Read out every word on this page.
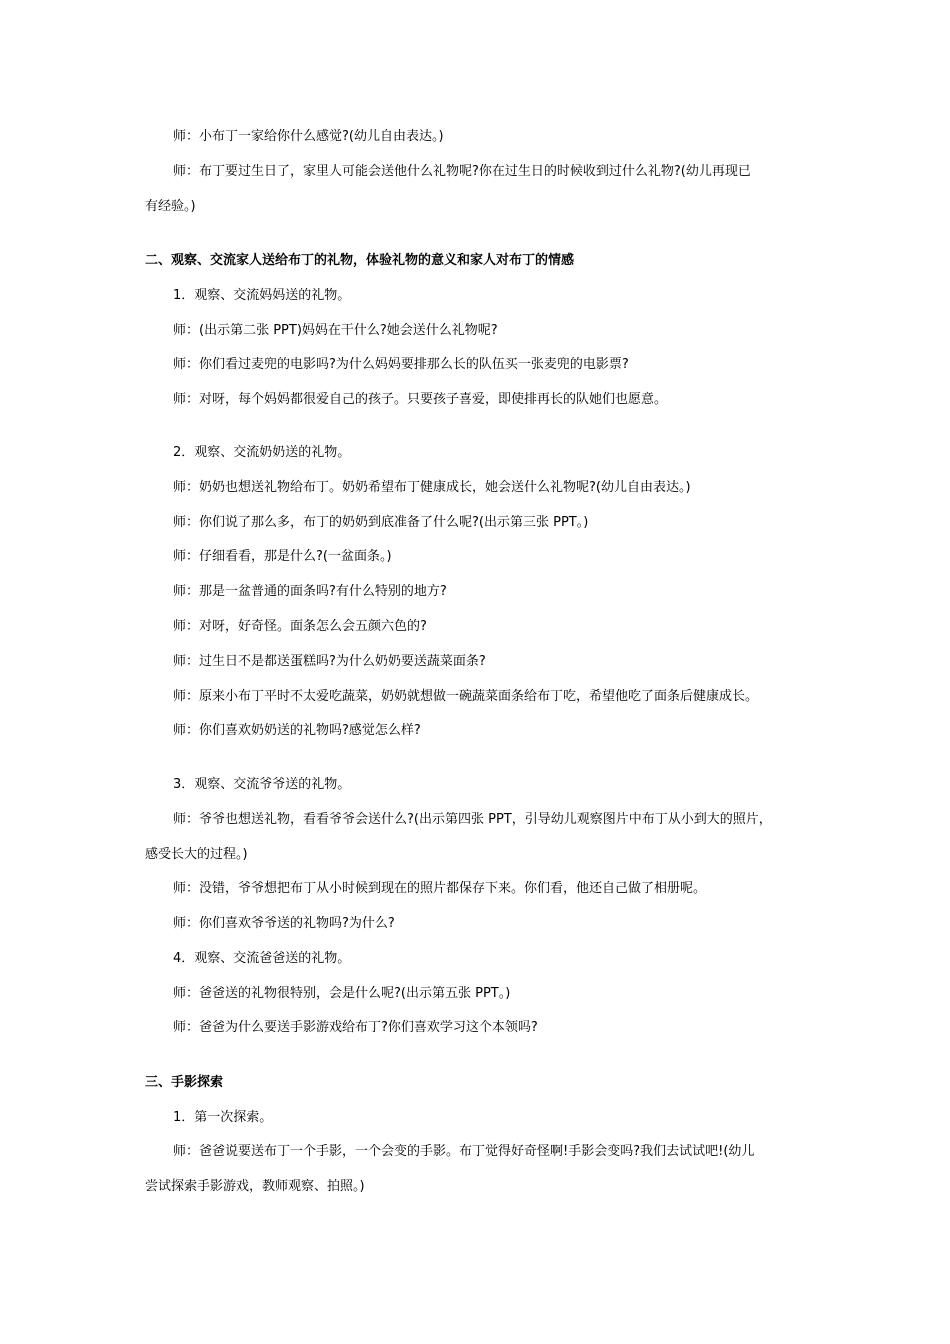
师：小布丁一家给你什么感觉?(幼儿自由表达。)
师：布丁要过生日了，家里人可能会送他什么礼物呢?你在过生日的时候收到过什么礼物?(幼儿再现已
有经验。)
二、观察、交流家人送给布丁的礼物，体验礼物的意义和家人对布丁的情感
1．观察、交流妈妈送的礼物。
师：(出示第二张 PPT)妈妈在干什么?她会送什么礼物呢?
师：你们看过麦兜的电影吗?为什么妈妈要排那么长的队伍买一张麦兜的电影票?
师：对呀，每个妈妈都很爱自己的孩子。只要孩子喜爱，即使排再长的队她们也愿意。
2．观察、交流奶奶送的礼物。
师：奶奶也想送礼物给布丁。奶奶希望布丁健康成长，她会送什么礼物呢?(幼儿自由表达。)
师：你们说了那么多，布丁的奶奶到底准备了什么呢?(出示第三张 PPT。)
师：仔细看看，那是什么?(一盆面条。)
师：那是一盆普通的面条吗?有什么特别的地方?
师：对呀，好奇怪。面条怎么会五颜六色的?
师：过生日不是都送蛋糕吗?为什么奶奶要送蔬菜面条?
师：原来小布丁平时不太爱吃蔬菜，奶奶就想做一碗蔬菜面条给布丁吃，希望他吃了面条后健康成长。
师：你们喜欢奶奶送的礼物吗?感觉怎么样?
3．观察、交流爷爷送的礼物。
师：爷爷也想送礼物，看看爷爷会送什么?(出示第四张 PPT，引导幼儿观察图片中布丁从小到大的照片，
感受长大的过程。)
师：没错，爷爷想把布丁从小时候到现在的照片都保存下来。你们看，他还自己做了相册呢。
师：你们喜欢爷爷送的礼物吗?为什么?
4．观察、交流爸爸送的礼物。
师：爸爸送的礼物很特别，会是什么呢?(出示第五张 PPT。)
师：爸爸为什么要送手影游戏给布丁?你们喜欢学习这个本领吗?
三、手影探索
1．第一次探索。
师：爸爸说要送布丁一个手影，一个会变的手影。布丁觉得好奇怪啊!手影会变吗?我们去试试吧!(幼儿
尝试探索手影游戏，教师观察、拍照。)
